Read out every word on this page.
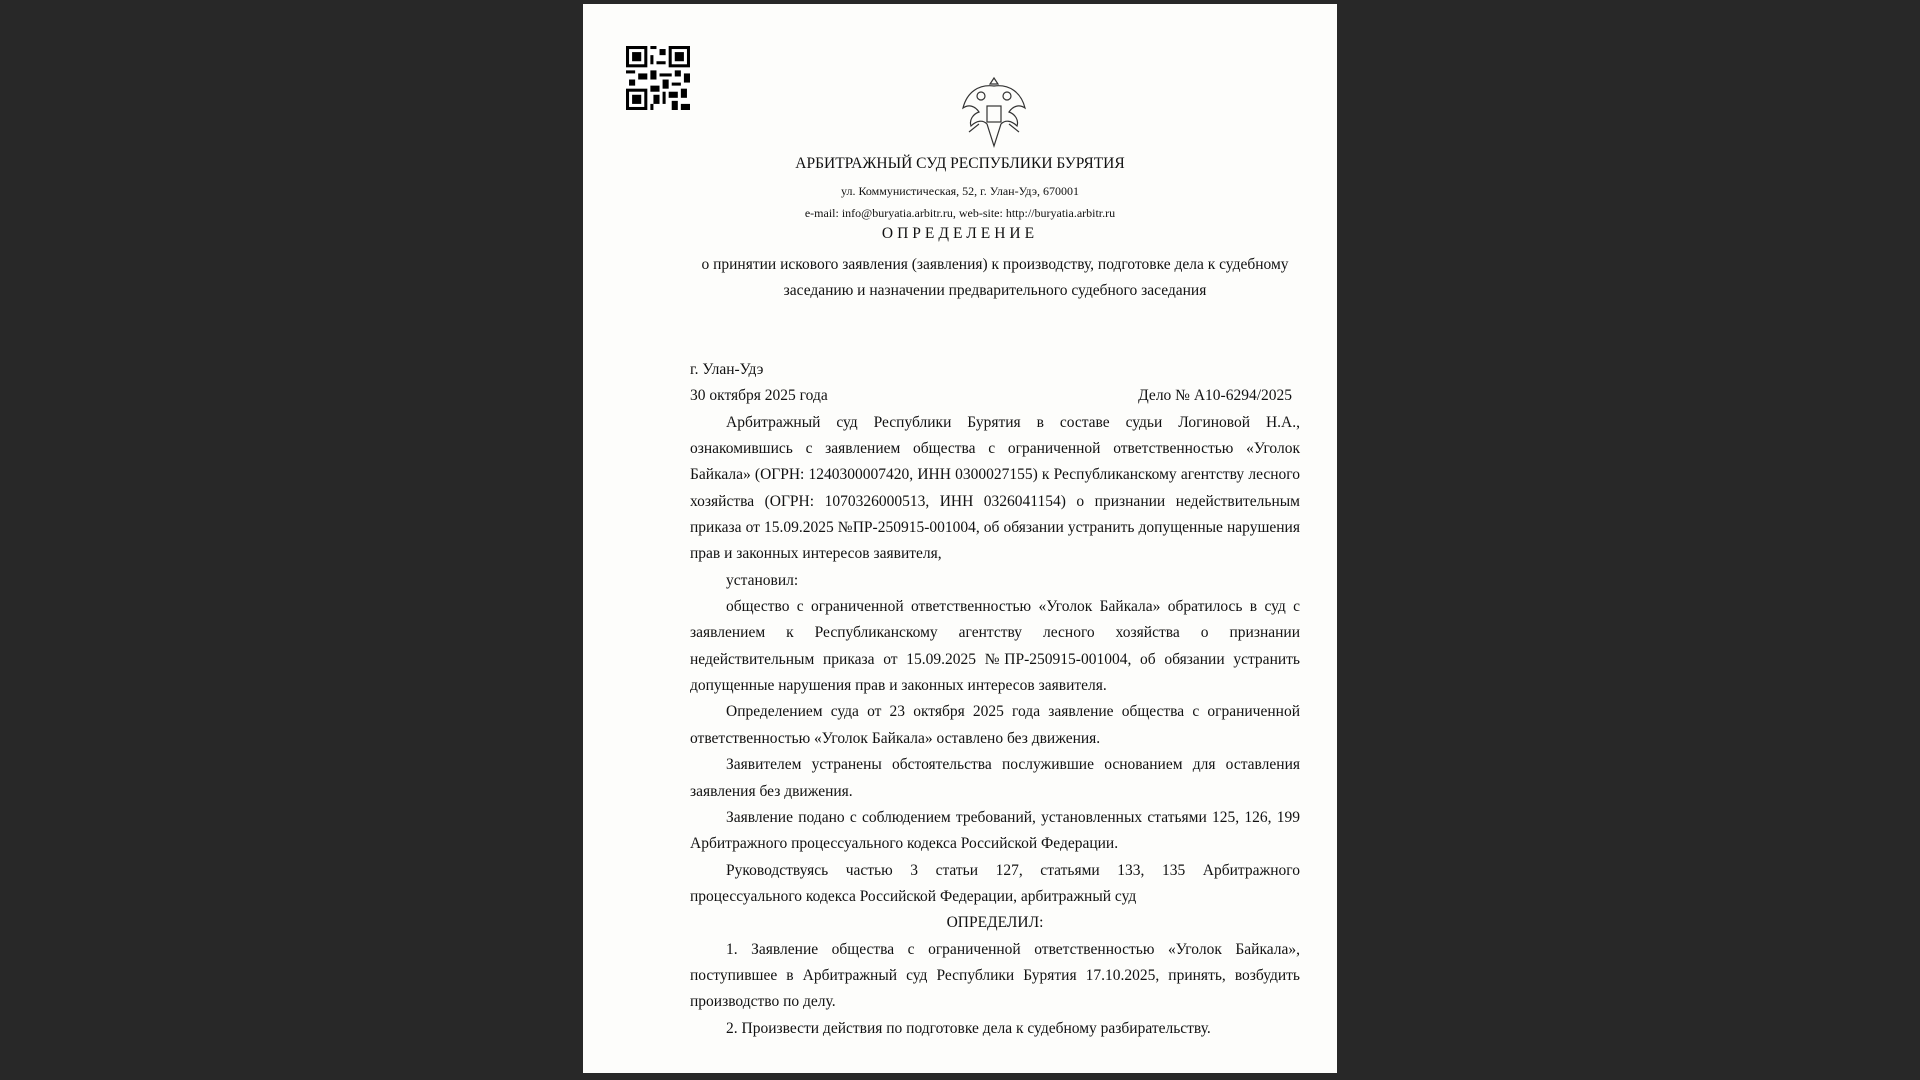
АРБИТРАЖНЫЙ СУД РЕСПУБЛИКИ БУРЯТИЯ
ул. Коммунистическая, 52, г. Улан-Удэ, 670001
e-mail: info@buryatia.arbitr.ru, web-site: http://buryatia.arbitr.ru
ОПРЕДЕЛЕНИЕ
о принятии искового заявления (заявления) к производству, подготовке дела к судебному заседанию и назначении предварительного судебного заседания

г. Улан-Удэ

30 октября 2025 года	Дело № А10-6294/2025

Арбитражный суд Республики Бурятия в составе судьи Логиновой Н.А., ознакомившись с заявлением общества с ограниченной ответственностью «Уголок Байкала» (ОГРН: 1240300007420, ИНН 0300027155) к Республиканскому агентству лесного хозяйства (ОГРН: 1070326000513, ИНН 0326041154) о признании недействительным приказа от 15.09.2025 №ПР-250915-001004, об обязании устранить допущенные нарушения прав и законных интересов заявителя,

установил:

общество с ограниченной ответственностью «Уголок Байкала» обратилось в суд с заявлением к Республиканскому агентству лесного хозяйства о признании недействительным приказа от 15.09.2025 №ПР-250915-001004, об обязании устранить допущенные нарушения прав и законных интересов заявителя.

Определением суда от 23 октября 2025 года заявление общества с ограниченной ответственностью «Уголок Байкала» оставлено без движения.

Заявителем устранены обстоятельства послужившие основанием для оставления заявления без движения.

Заявление подано с соблюдением требований, установленных статьями 125, 126, 199 Арбитражного процессуального кодекса Российской Федерации.

Руководствуясь частью 3 статьи 127, статьями 133, 135 Арбитражного процессуального кодекса Российской Федерации, арбитражный суд

ОПРЕДЕЛИЛ:

1. Заявление общества с ограниченной ответственностью «Уголок Байкала», поступившее в Арбитражный суд Республики Бурятия 17.10.2025, принять, возбудить производство по делу.

2. Произвести действия по подготовке дела к судебному разбирательству.
